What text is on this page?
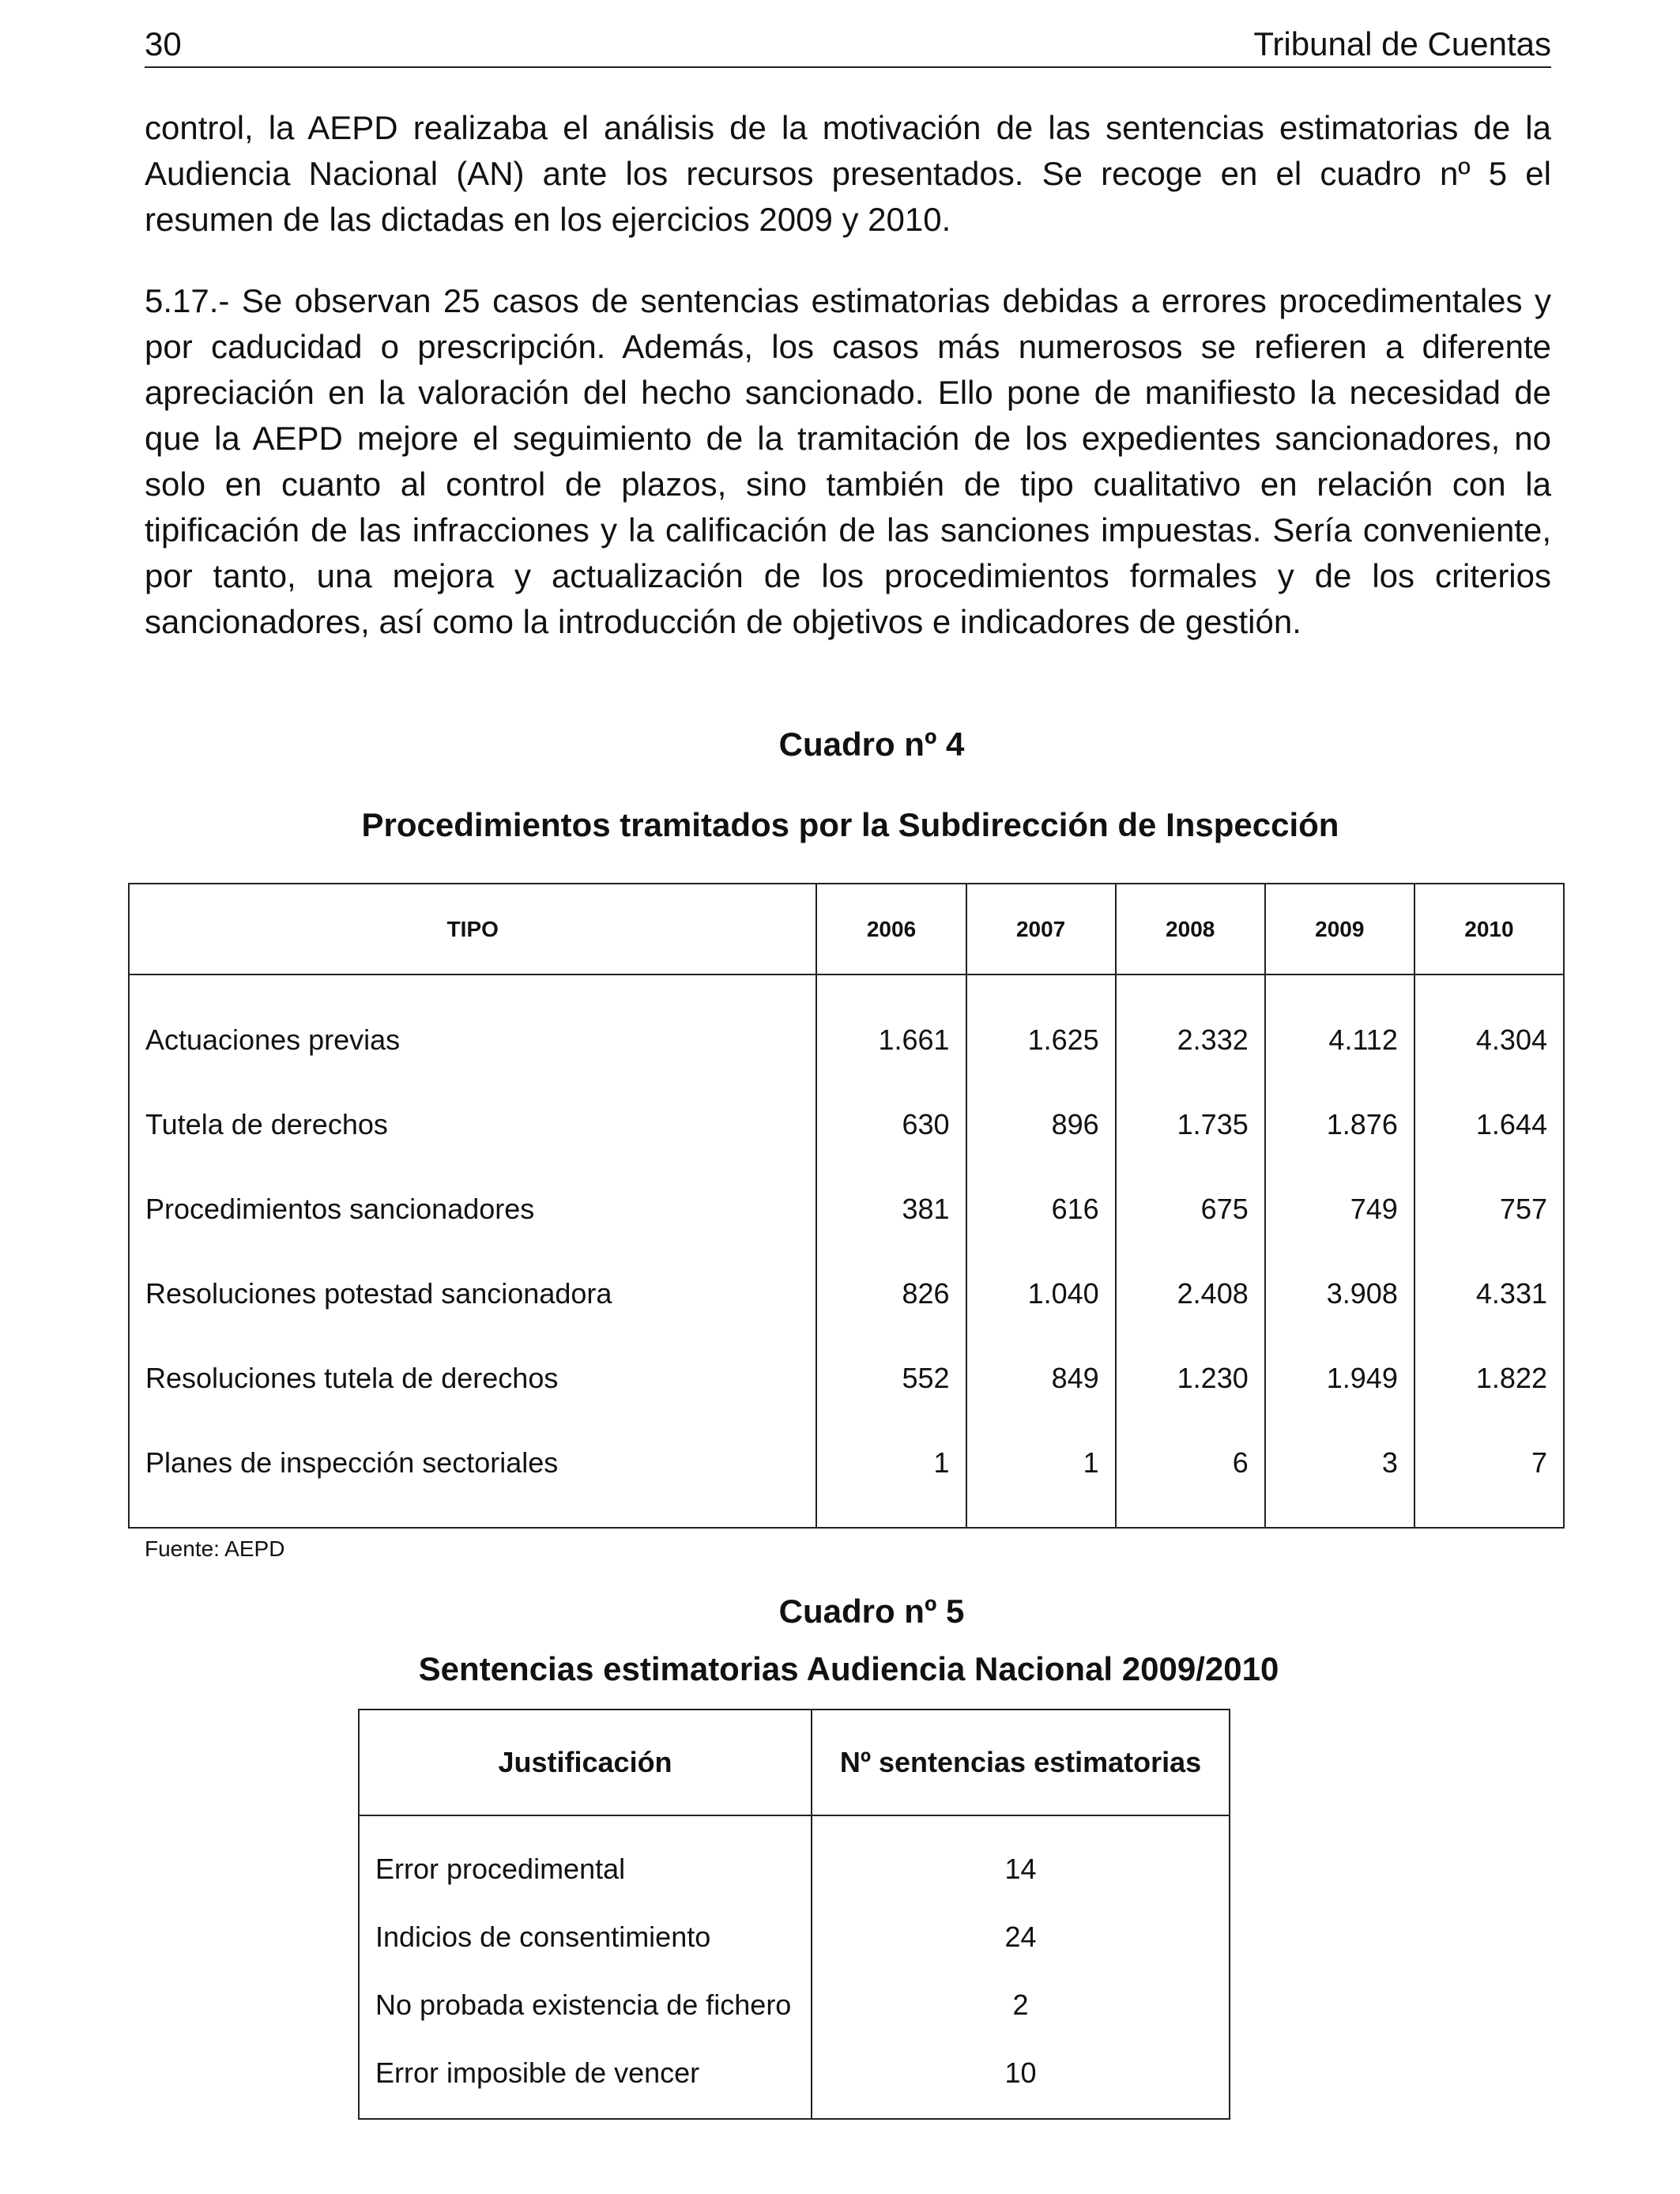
30	Tribunal de Cuentas

control, la AEPD realizaba el análisis de la motivación de las sentencias estimatorias de la Audiencia Nacional (AN) ante los recursos presentados. Se recoge en el cuadro nº 5 el resumen de las dictadas en los ejercicios 2009 y 2010.

5.17.- Se observan 25 casos de sentencias estimatorias debidas a errores procedimentales y por caducidad o prescripción. Además, los casos más numerosos se refieren a diferente apreciación en la valoración del hecho sancionado. Ello pone de manifiesto la necesidad de que la AEPD mejore el seguimiento de la tramitación de los expedientes sancionadores, no solo en cuanto al control de plazos, sino también de tipo cualitativo en relación con la tipificación de las infracciones y la calificación de las sanciones impuestas. Sería conveniente, por tanto, una mejora y actualización de los procedimientos formales y de los criterios sancionadores, así como la introducción de objetivos e indicadores de gestión.

Cuadro nº 4

Procedimientos tramitados por la Subdirección de Inspección

TIPO	2006	2007	2008	2009	2010
Actuaciones previas	1.661	1.625	2.332	4.112	4.304
Tutela de derechos	630	896	1.735	1.876	1.644
Procedimientos sancionadores	381	616	675	749	757
Resoluciones potestad sancionadora	826	1.040	2.408	3.908	4.331
Resoluciones tutela de derechos	552	849	1.230	1.949	1.822
Planes de inspección sectoriales	1	1	6	3	7

Fuente: AEPD

Cuadro nº 5

Sentencias estimatorias Audiencia Nacional 2009/2010

Justificación	Nº sentencias estimatorias
Error procedimental	14
Indicios de consentimiento	24
No probada existencia de fichero	2
Error imposible de vencer	10
